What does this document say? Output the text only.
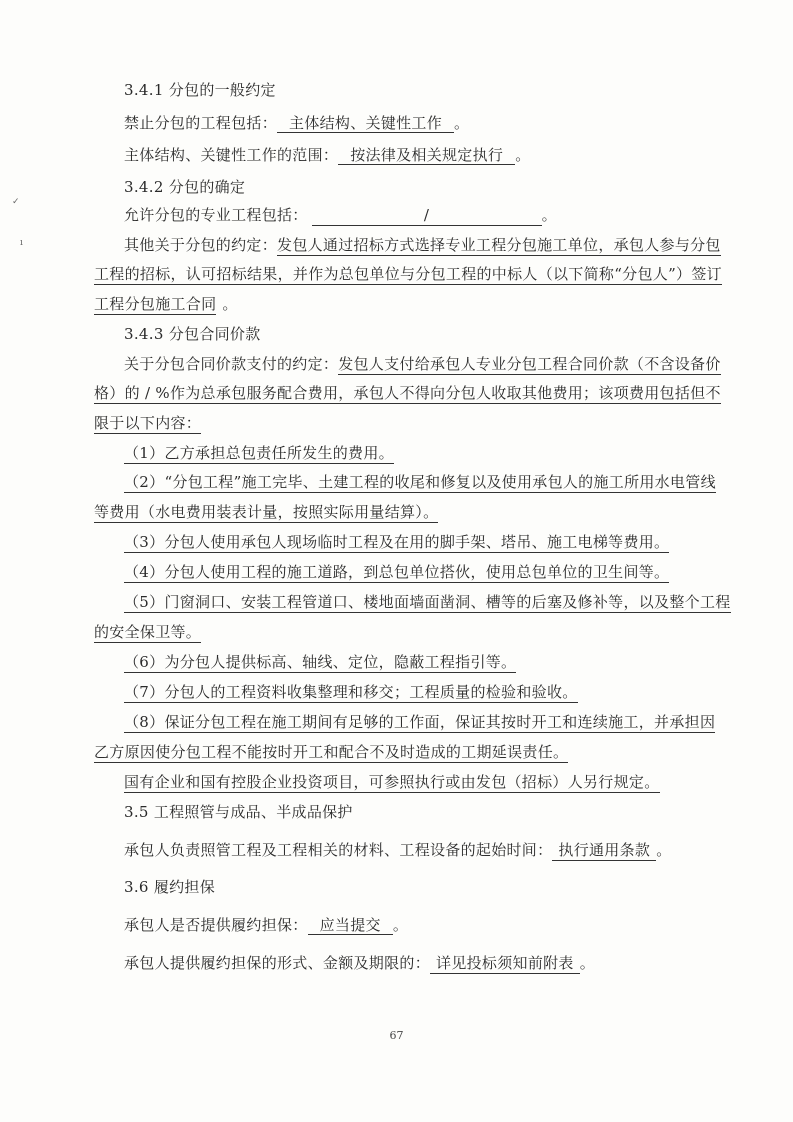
✓
ı
3.4.1 分包的一般约定
禁止分包的工程包括： 主体结构、关键性工作 。
主体结构、关键性工作的范围： 按法律及相关规定执行 。
3.4.2 分包的确定
允许分包的专业工程包括：	/	。
其他关于分包的约定：发包人通过招标方式选择专业工程分包施工单位，承包人参与分包
工程的招标，认可招标结果，并作为总包单位与分包工程的中标人（以下简称“分包人”）签订
工程分包施工合同 。
3.4.3 分包合同价款
关于分包合同价款支付的约定：发包人支付给承包人专业分包工程合同价款（不含设备价
格）的 / %作为总承包服务配合费用，承包人不得向分包人收取其他费用；该项费用包括但不
限于以下内容：
（1）乙方承担总包责任所发生的费用。
（2）“分包工程”施工完毕、土建工程的收尾和修复以及使用承包人的施工所用水电管线
等费用（水电费用装表计量，按照实际用量结算）。
（3）分包人使用承包人现场临时工程及在用的脚手架、塔吊、施工电梯等费用。
（4）分包人使用工程的施工道路，到总包单位搭伙，使用总包单位的卫生间等。
（5）门窗洞口、安装工程管道口、楼地面墙面凿洞、槽等的后塞及修补等，以及整个工程
的安全保卫等。
（6）为分包人提供标高、轴线、定位，隐蔽工程指引等。
（7）分包人的工程资料收集整理和移交；工程质量的检验和验收。
（8）保证分包工程在施工期间有足够的工作面，保证其按时开工和连续施工，并承担因
乙方原因使分包工程不能按时开工和配合不及时造成的工期延误责任。
国有企业和国有控股企业投资项目，可参照执行或由发包（招标）人另行规定。
3.5 工程照管与成品、半成品保护
承包人负责照管工程及工程相关的材料、工程设备的起始时间： 执行通用条款 。
3.6 履约担保
承包人是否提供履约担保： 应当提交 。
承包人提供履约担保的形式、金额及期限的： 详见投标须知前附表 。
67
